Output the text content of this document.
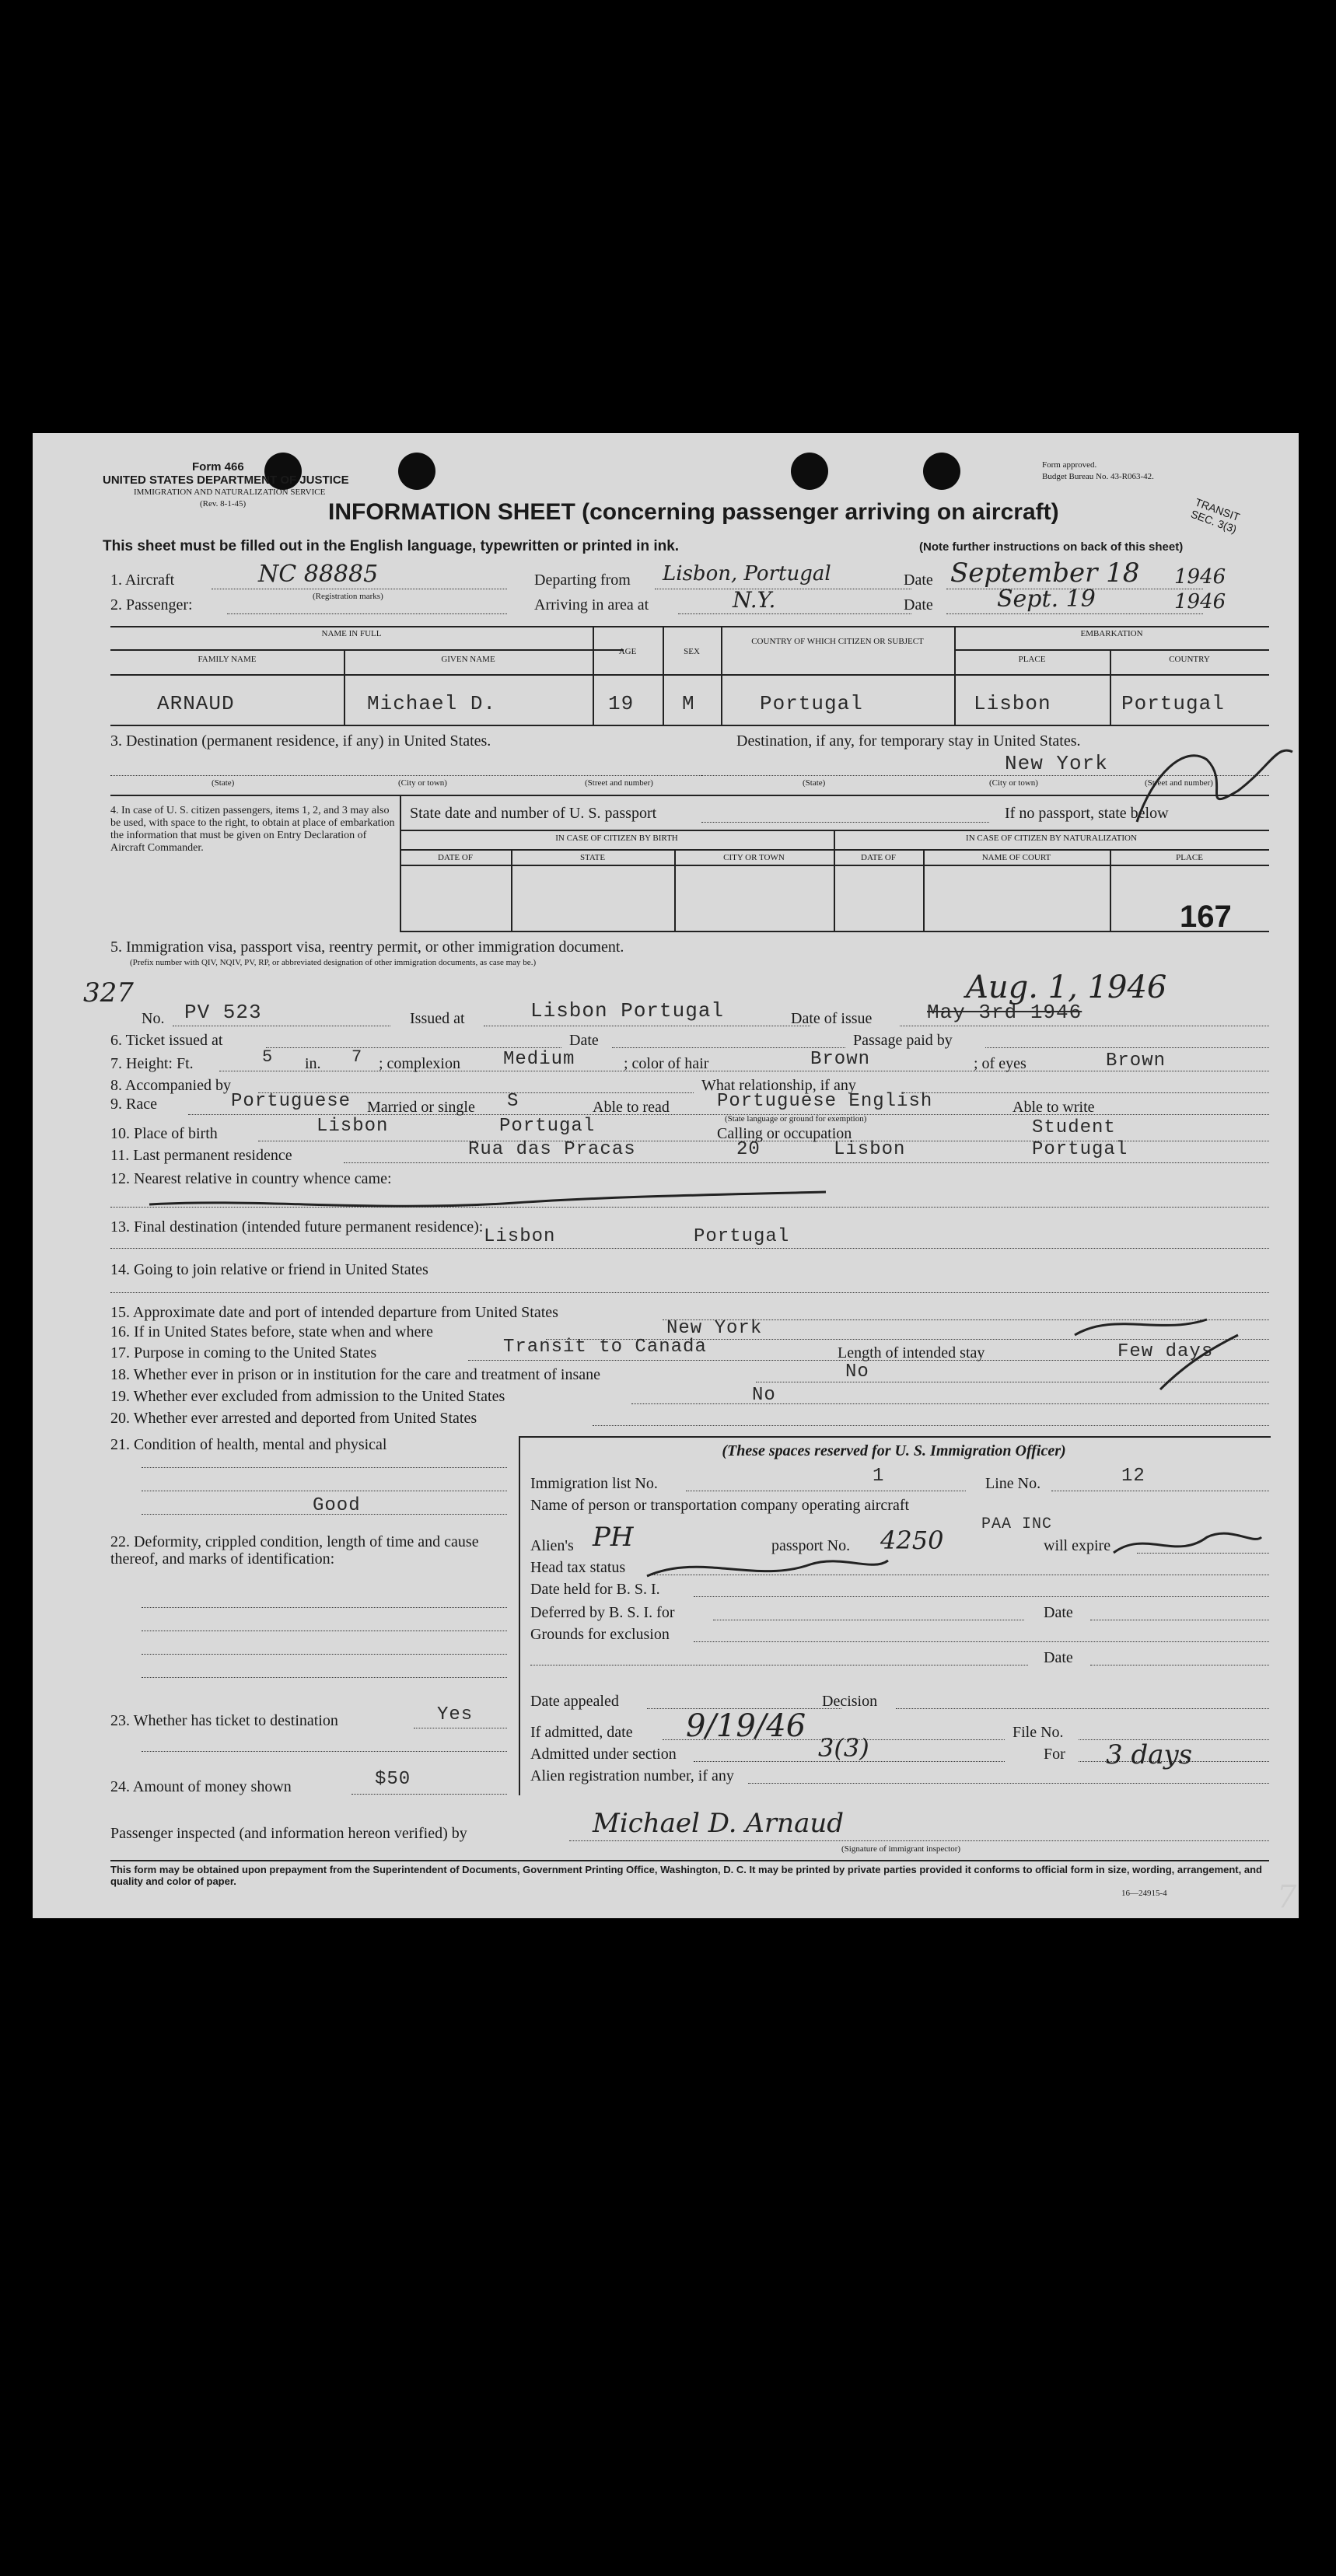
Form 466
UNITED STATES DEPARTMENT OF JUSTICE
IMMIGRATION AND NATURALIZATION SERVICE
(Rev. 8-1-45)
Form approved.
Budget Bureau No. 43-R063-42.
INFORMATION SHEET (concerning passenger arriving on aircraft)	TRANSIT SEC. 3(3)
This sheet must be filled out in the English language, typewritten or printed in ink.	(Note further instructions on back of this sheet)
1. Aircraft	NC 88885
(Registration marks)
2. Passenger:
Departing from Lisbon, Portugal
Arriving in area at	N.Y.
Date September 18 1946
Date	Sept. 19	1946
NAME IN FULL
FAMILY NAME	GIVEN NAME
AGE	SEX
COUNTRY OF WHICH CITIZEN OR SUBJECT
EMBARKATION
PLACE	COUNTRY
ARNAUD	Michael D.	19 M	Portugal	Lisbon	Portugal
3. Destination (permanent residence, if any) in United States.	Destination, if any, for temporary stay in United States.
(State)	(City or town)	(Street and number)	(State)	(City or town)	(Street and number)
New York
4. In case of U. S. citizen passengers, items 1, 2, and 3 may also be used, with space to the right, to obtain at place of embarkation the information that must be given on Entry Declaration of Aircraft Commander.
State date and number of U. S. passport	If no passport, state below
IN CASE OF CITIZEN BY BIRTH	IN CASE OF CITIZEN BY NATURALIZATION
DATE OF	STATE	CITY OR TOWN	DATE OF	NAME OF COURT	PLACE
167
5. Immigration visa, passport visa, reentry permit, or other immigration document.
(Prefix number with QIV, NQIV, PV, RP, or abbreviated designation of other immigration documents, as case may be.)
327
No. PV 523	Issued at	Lisbon Portugal	Date of issue	May 3rd 1946
Aug. 1, 1946
6. Ticket issued at	Date	Passage paid by
7. Height: Ft.	5 in. 7 ; complexion Medium	; color of hair	Brown	; of eyes	Brown
8. Accompanied by	What relationship, if any
9. Race	Portuguese Married or single S	Able to read	Portuguese English
(State language or ground for exemption)
Able to write
10. Place of birth	Lisbon	Portugal	Calling or occupation	Student
11. Last permanent residence	Rua das Pracas	20	Lisbon	Portugal
12. Nearest relative in country whence came:
13. Final destination (intended future permanent residence): Lisbon	Portugal
14. Going to join relative or friend in United States
15. Approximate date and port of intended departure from United States
16. If in United States before, state when and where	New York
17. Purpose in coming to the United States	Transit to Canada	Length of intended stay	Few days
18. Whether ever in prison or in institution for the care and treatment of insane	No
19. Whether ever excluded from admission to the United States	No
20. Whether ever arrested and deported from United States
21. Condition of health, mental and physical
Good
22. Deformity, crippled condition, length of time and cause thereof, and marks of identification:
23. Whether has ticket to destination	Yes
24. Amount of money shown	$50
(These spaces reserved for U. S. Immigration Officer)
Immigration list No.	1	Line No.	12
Name of person or transportation company operating aircraft
PAA INC
Alien's PH	passport No. 4250	will expire
Head tax status
Date held for B. S. I.
Deferred by B. S. I. for	Date
Grounds for exclusion
Date
Date appealed	Decision
If admitted, date 9/19/46	File No.
Admitted under section	3(3)	For 3 days
Alien registration number, if any
Passenger inspected (and information hereon verified) by	Michael D. Arnaud
(Signature of immigrant inspector)
This form may be obtained upon prepayment from the Superintendent of Documents, Government Printing Office, Washington, D. C. It may be printed by private parties provided it conforms to official form in size, wording, arrangement, and quality and color of paper.
16—24915-4	7
